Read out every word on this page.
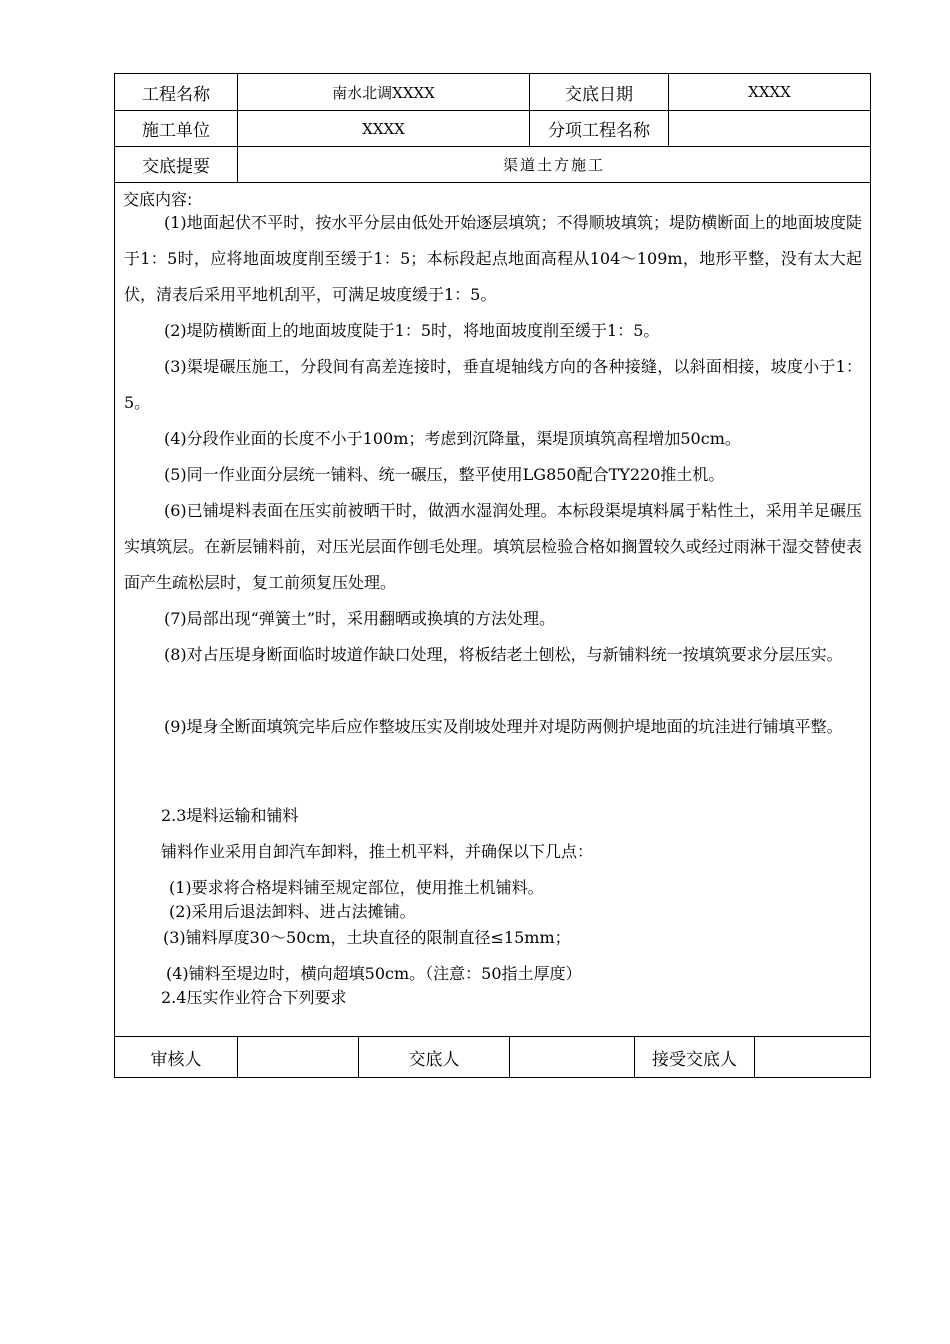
工程名称	南水北调XXXX	交底日期	XXXX
施工单位	XXXX	分项工程名称
交底提要	渠道土方施工
交底内容:
(1)地面起伏不平时，按水平分层由低处开始逐层填筑；不得顺坡填筑；堤防横断面上的地面坡度陡于1：5时，应将地面坡度削至缓于1：5；本标段起点地面高程从104～109m，地形平整，没有太大起伏，清表后采用平地机刮平，可满足坡度缓于1：5。
(2)堤防横断面上的地面坡度陡于1：5时，将地面坡度削至缓于1：5。
(3)渠堤碾压施工，分段间有高差连接时，垂直堤轴线方向的各种接缝，以斜面相接，坡度小于1：5。
(4)分段作业面的长度不小于100m；考虑到沉降量，渠堤顶填筑高程增加50cm。
(5)同一作业面分层统一铺料、统一碾压，整平使用LG850配合TY220推土机。
(6)已铺堤料表面在压实前被晒干时，做洒水湿润处理。本标段渠堤填料属于粘性土，采用羊足碾压实填筑层。在新层铺料前，对压光层面作刨毛处理。填筑层检验合格如搁置较久或经过雨淋干湿交替使表面产生疏松层时，复工前须复压处理。
(7)局部出现“弹簧土”时，采用翻晒或换填的方法处理。
(8)对占压堤身断面临时坡道作缺口处理，将板结老土刨松，与新铺料统一按填筑要求分层压实。
(9)堤身全断面填筑完毕后应作整坡压实及削坡处理并对堤防两侧护堤地面的坑洼进行铺填平整。
2.3堤料运输和铺料
铺料作业采用自卸汽车卸料，推土机平料，并确保以下几点：
(1)要求将合格堤料铺至规定部位，使用推土机铺料。
(2)采用后退法卸料、进占法摊铺。
(3)铺料厚度30～50cm，土块直径的限制直径≤15mm；
(4)铺料至堤边时，横向超填50cm。（注意：50指土厚度）
2.4压实作业符合下列要求
审核人	交底人	接受交底人
